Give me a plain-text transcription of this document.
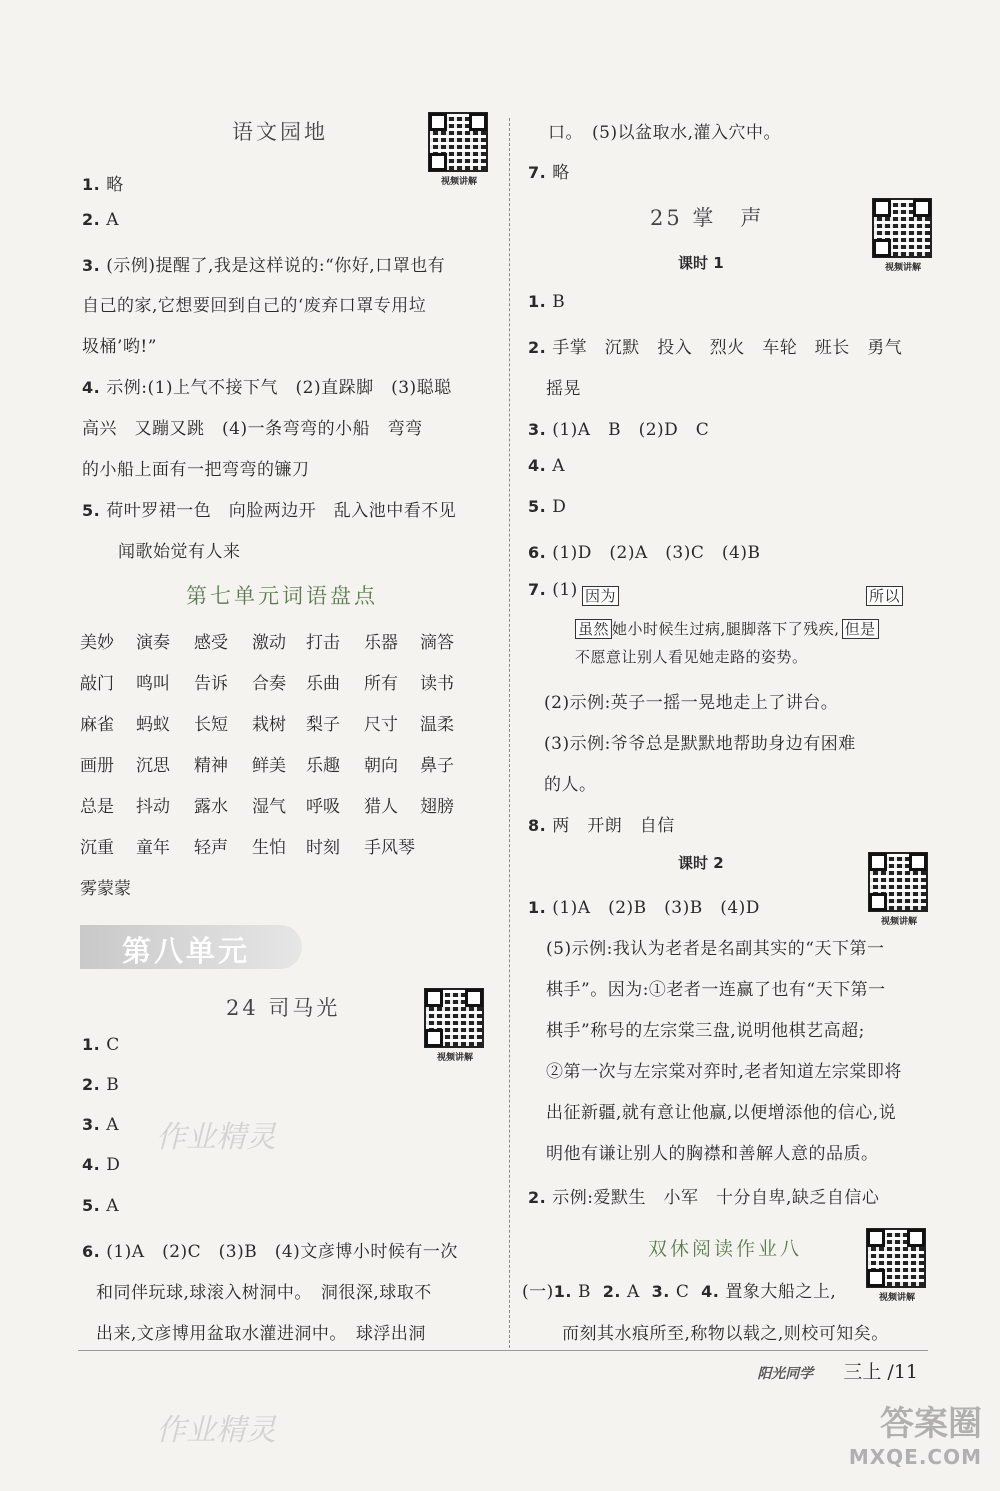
语文园地
视频讲解
1. 略
2. A
3. (示例)提醒了,我是这样说的:“你好,口罩也有
自己的家,它想要回到自己的‘废弃口罩专用垃
圾桶’哟!”
4. 示例:(1)上气不接下气　(2)直跺脚　(3)聪聪
高兴　又蹦又跳　(4)一条弯弯的小船　弯弯
的小船上面有一把弯弯的镰刀
5. 荷叶罗裙一色　向脸两边开　乱入池中看不见
闻歌始觉有人来
第七单元词语盘点
美妙 演奏 感受 激动 打击 乐器 滴答
敲门 鸣叫 告诉 合奏 乐曲 所有 读书
麻雀 蚂蚁 长短 栽树 梨子 尺寸 温柔
画册 沉思 精神 鲜美 乐趣 朝向 鼻子
总是 抖动 露水 湿气 呼吸 猎人 翅膀
沉重 童年 轻声 生怕 时刻 手风琴
雾蒙蒙
第八单元
24 司马光
视频讲解
1. C
2. B
3. A
4. D
5. A
6. (1)A　(2)C　(3)B　(4)文彦博小时候有一次
和同伴玩球,球滚入树洞中。　洞很深,球取不
出来,文彦博用盆取水灌进洞中。　球浮出洞
口。　(5)以盆取水,灌入穴中。
7. 略
25 掌　声
视频讲解
课时 1
1. B
2. 手掌　沉默　投入　烈火　车轮　班长　勇气
摇晃
3. (1)A　B　(2)D　C
4. A
5. D
6. (1)D　(2)A　(3)C　(4)B
7. (1) 因为	所以
虽然 她小时候生过病,腿脚落下了残疾, 但是
不愿意让别人看见她走路的姿势。
(2)示例:英子一摇一晃地走上了讲台。
(3)示例:爷爷总是默默地帮助身边有困难
的人。
8. 两　开朗　自信
课时 2
视频讲解
1. (1)A　(2)B　(3)B　(4)D
(5)示例:我认为老者是名副其实的“天下第一
棋手”。因为:①老者一连赢了也有“天下第一
棋手”称号的左宗棠三盘,说明他棋艺高超;
②第一次与左宗棠对弈时,老者知道左宗棠即将
出征新疆,就有意让他赢,以便增添他的信心,说
明他有谦让别人的胸襟和善解人意的品质。
2. 示例:爱默生　小军　十分自卑,缺乏自信心
双休阅读作业八
视频讲解
(一)1. B 2. A 3. C 4. 置象大船之上,
而刻其水痕所至,称物以载之,则校可知矣。
阳光同学 三上 /11
作业精灵
作业精灵	答案圈
MXQE.COM
